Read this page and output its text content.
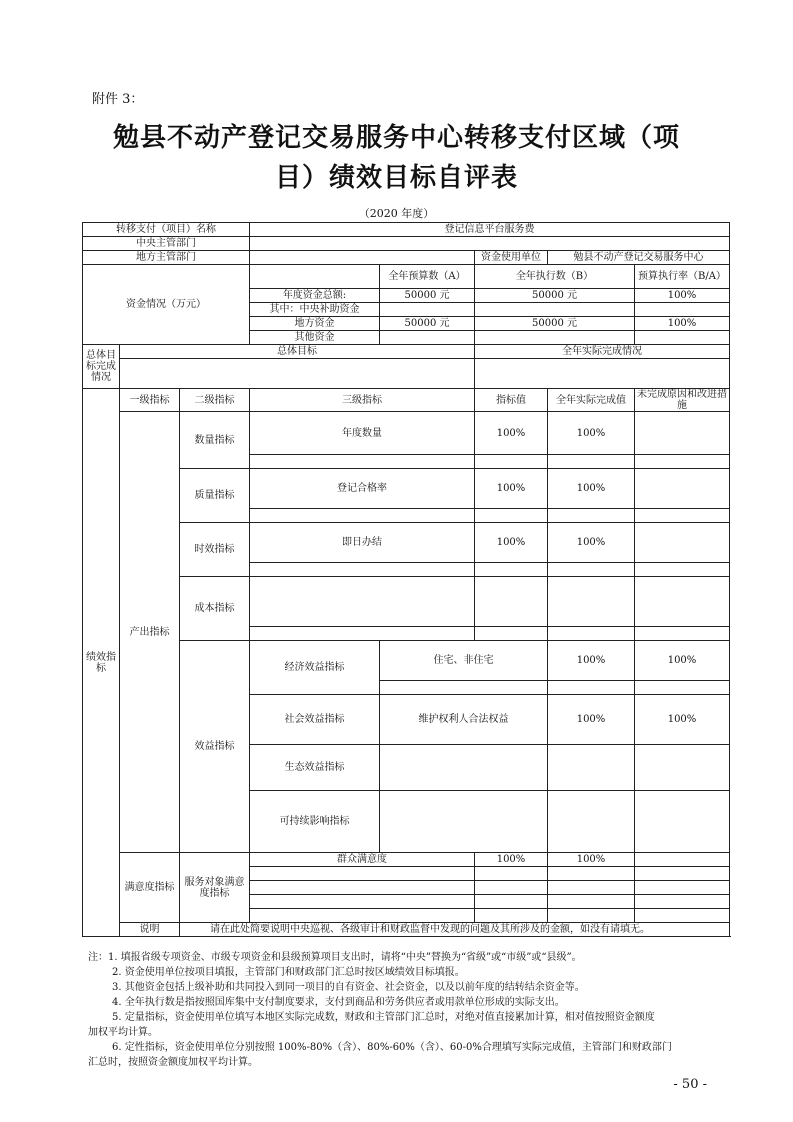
附件 3：
勉县不动产登记交易服务中心转移支付区域（项
目）绩效目标自评表
（2020 年度）
转移支付（项目）名称			登记信息平台服务费					
中央主管部门								
地方主管部门					资金使用单位	勉县不动产登记交易服务中心		
资金情况（万元）				全年预算数（A）	全年执行数（B）		预算执行率（B/A）	
			年度资金总额:	50000 元	50000 元		100%	
			其中：中央补助资金					
			地方资金	50000 元	50000 元		100%	
			其他资金					
总体目标完成情况	总体目标				全年实际完成情况			

绩效指标	一级指标	二级指标	三级指标		指标值	全年实际完成值	未完成原因和改进措施	
	产出指标	数量指标	年度数量		100%	100%		

		质量指标	登记合格率		100%	100%		

		时效指标	即日办结		100%	100%		

		成本指标						

		效益指标	经济效益指标	住宅、非住宅		100%	100%	

			社会效益指标	维护权利人合法权益		100%	100%	
			生态效益指标					
			可持续影响指标					
	满意度指标	服务对象满意度指标	群众满意度		100%	100%		

	说明	请在此处简要说明中央巡视、各级审计和财政监督中发现的问题及其所涉及的金额，如没有请填无。						

注：1. 填报省级专项资金、市级专项资金和县级预算项目支出时，请将“中央”替换为“省级”或“市级”或“县级”。

2. 资金使用单位按项目填报，主管部门和财政部门汇总时按区域绩效目标填报。

3. 其他资金包括上级补助和共同投入到同一项目的自有资金、社会资金，以及以前年度的结转结余资金等。

4. 全年执行数是指按照国库集中支付制度要求，支付到商品和劳务供应者或用款单位形成的实际支出。

5. 定量指标，资金使用单位填写本地区实际完成数，财政和主管部门汇总时，对绝对值直接累加计算，相对值按照资金额度

加权平均计算。

6. 定性指标，资金使用单位分别按照 100%-80%（含）、80%-60%（含）、60-0%合理填写实际完成值，主管部门和财政部门

汇总时，按照资金额度加权平均计算。

- 50 -
